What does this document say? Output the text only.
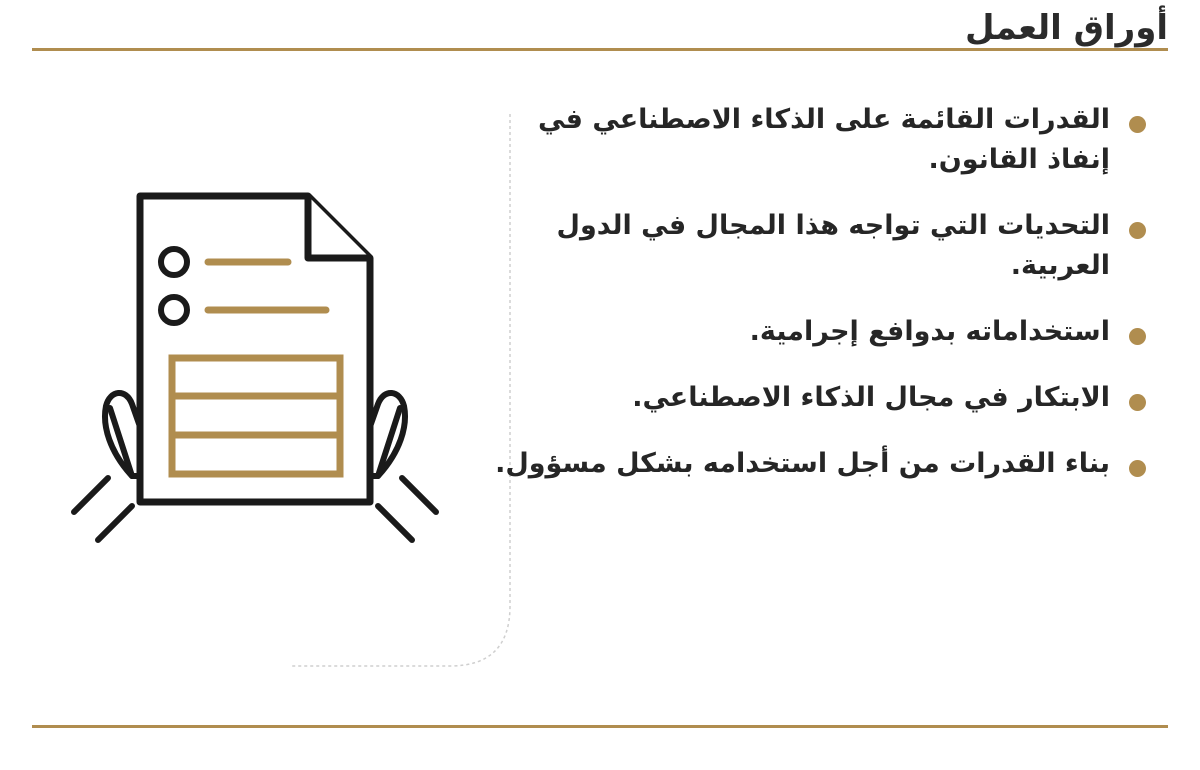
أوراق العمل
القدرات القائمة على الذكاء الاصطناعي في إنفاذ القانون.
التحديات التي تواجه هذا المجال في الدول العربية.
استخداماته بدوافع إجرامية.
الابتكار في مجال الذكاء الاصطناعي.
بناء القدرات من أجل استخدامه بشكل مسؤول.
